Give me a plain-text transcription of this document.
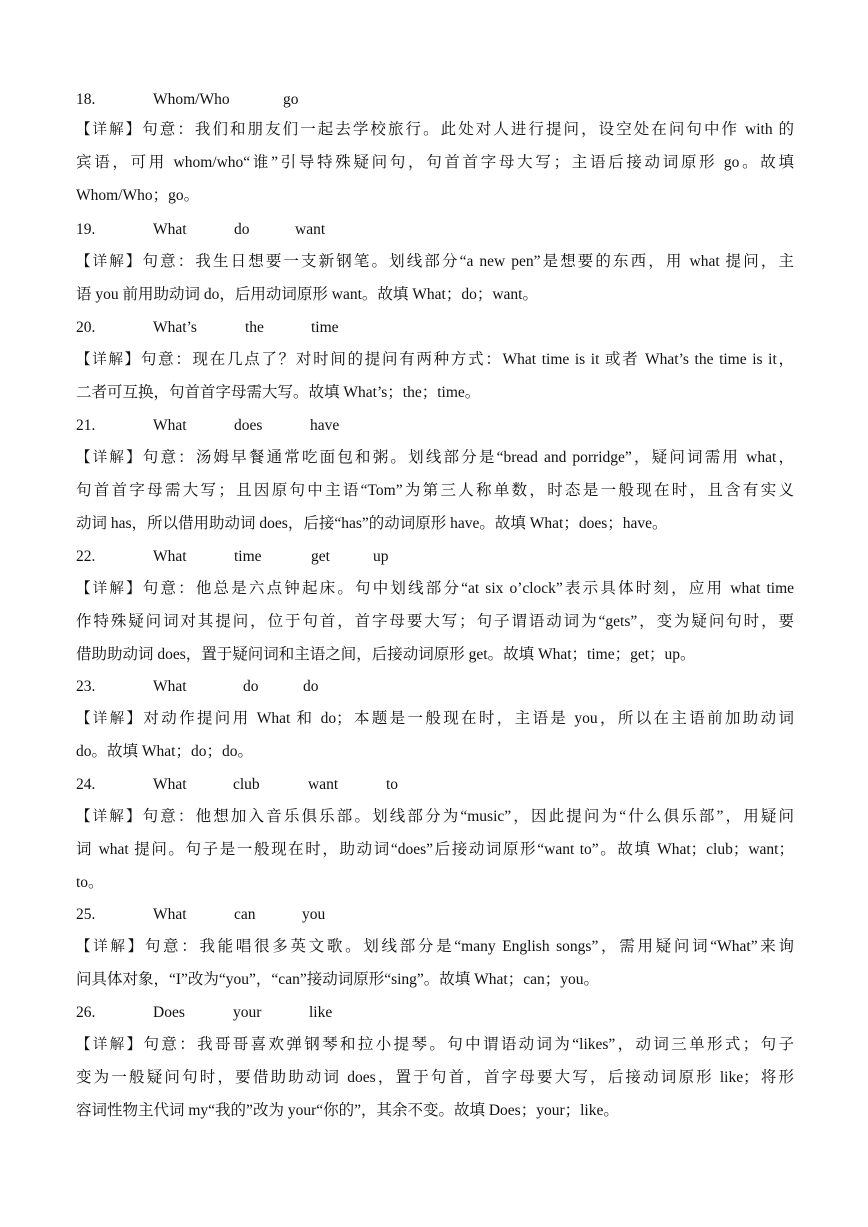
18.	Whom/Who	go
【详解】句意：我们和朋友们一起去学校旅行。此处对人进行提问，设空处在问句中作 with 的
宾语，可用 whom/who“谁”引导特殊疑问句，句首首字母大写；主语后接动词原形 go。故填
Whom/Who；go。
19.	What	do	want
【详解】句意：我生日想要一支新钢笔。划线部分“a new pen”是想要的东西，用 what 提问，主
语 you 前用助动词 do，后用动词原形 want。故填 What；do；want。
20.	What’s	the	time
【详解】句意：现在几点了？对时间的提问有两种方式：What time is it 或者 What’s the time is it，
二者可互换，句首首字母需大写。故填 What’s；the；time。
21.	What	does	have
【详解】句意：汤姆早餐通常吃面包和粥。划线部分是“bread and porridge”，疑问词需用 what，
句首首字母需大写；且因原句中主语“Tom”为第三人称单数，时态是一般现在时，且含有实义
动词 has，所以借用助动词 does，后接“has”的动词原形 have。故填 What；does；have。
22.	What	time	get	up
【详解】句意：他总是六点钟起床。句中划线部分“at six o’clock”表示具体时刻，应用 what time
作特殊疑问词对其提问，位于句首，首字母要大写；句子谓语动词为“gets”，变为疑问句时，要
借助助动词 does，置于疑问词和主语之间，后接动词原形 get。故填 What；time；get；up。
23.	What	do	do
【详解】对动作提问用 What 和 do；本题是一般现在时，主语是 you，所以在主语前加助动词
do。故填 What；do；do。
24.	What	club	want	to
【详解】句意：他想加入音乐俱乐部。划线部分为“music”，因此提问为“什么俱乐部”，用疑问
词 what 提问。句子是一般现在时，助动词“does”后接动词原形“want to”。故填 What；club；want；
to。
25.	What	can	you
【详解】句意：我能唱很多英文歌。划线部分是“many English songs”，需用疑问词“What”来询
问具体对象，“I”改为“you”，“can”接动词原形“sing”。故填 What；can；you。
26.	Does	your	like
【详解】句意：我哥哥喜欢弹钢琴和拉小提琴。句中谓语动词为“likes”，动词三单形式；句子
变为一般疑问句时，要借助助动词 does，置于句首，首字母要大写，后接动词原形 like；将形
容词性物主代词 my“我的”改为 your“你的”，其余不变。故填 Does；your；like。
